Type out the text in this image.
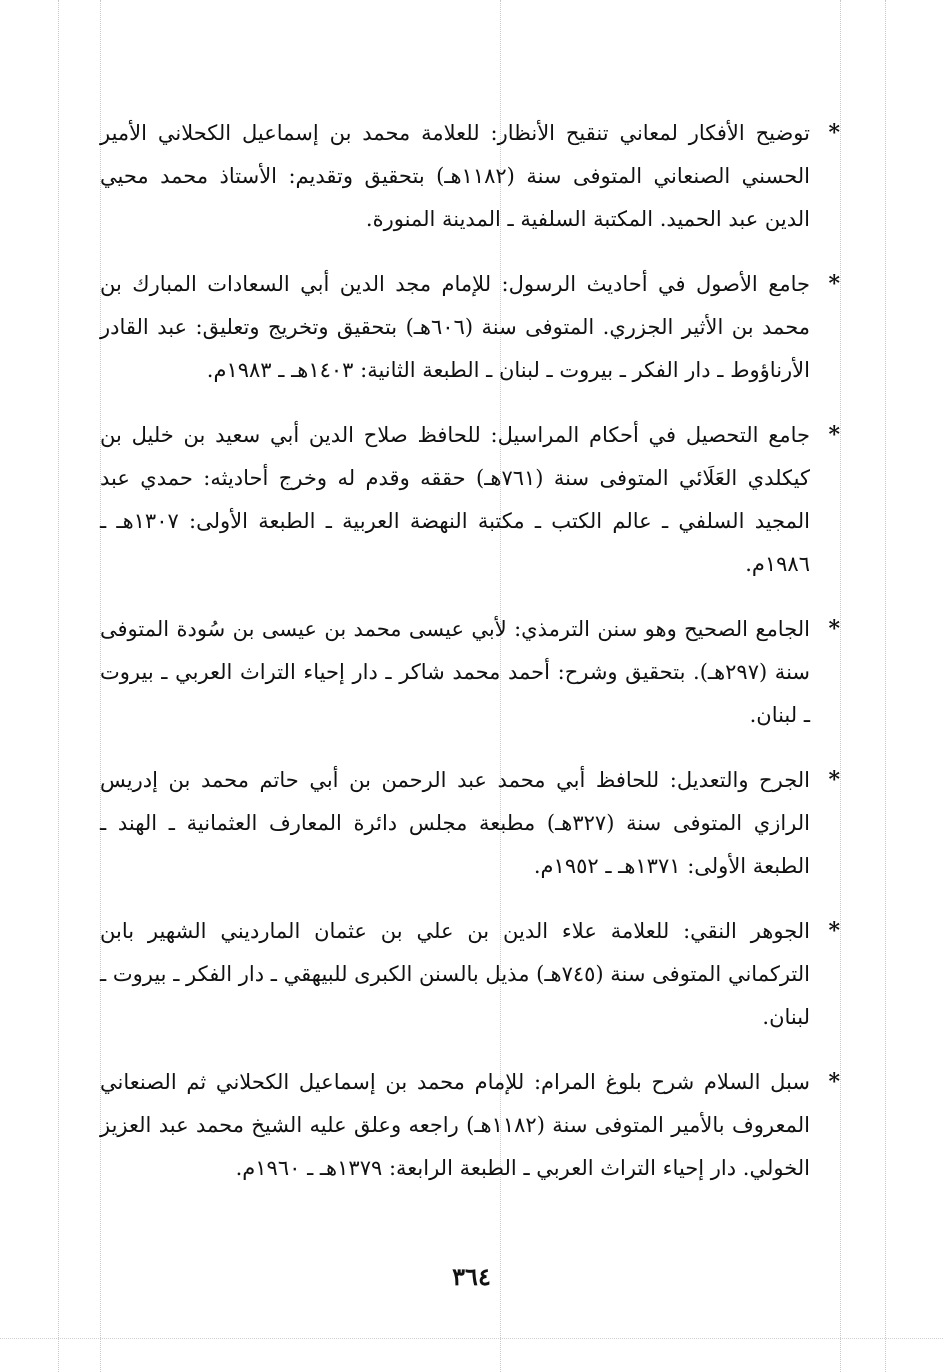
*
توضيح الأفكار لمعاني تنقيح الأنظار: للعلامة محمد بن إسماعيل الكحلاني الأمير الحسني الصنعاني المتوفى سنة (١١٨٢هـ) بتحقيق وتقديم: الأستاذ محمد محيي الدين عبد الحميد. المكتبة السلفية ـ المدينة المنورة.
*
جامع الأصول في أحاديث الرسول: للإمام مجد الدين أبي السعادات المبارك بن محمد بن الأثير الجزري. المتوفى سنة (٦٠٦هـ) بتحقيق وتخريج وتعليق: عبد القادر الأرناؤوط ـ دار الفكر ـ بيروت ـ لبنان ـ الطبعة الثانية: ١٤٠٣هـ ـ ١٩٨٣م.
*
جامع التحصيل في أحكام المراسيل: للحافظ صلاح الدين أبي سعيد بن خليل بن كيكلدي العَلَائي المتوفى سنة (٧٦١هـ) حققه وقدم له وخرج أحاديثه: حمدي عبد المجيد السلفي ـ عالم الكتب ـ مكتبة النهضة العربية ـ الطبعة الأولى: ١٣٠٧هـ ـ ١٩٨٦م.
*
الجامع الصحيح وهو سنن الترمذي: لأبي عيسى محمد بن عيسى بن سُودة المتوفى سنة (٢٩٧هـ). بتحقيق وشرح: أحمد محمد شاكر ـ دار إحياء التراث العربي ـ بيروت ـ لبنان.
*
الجرح والتعديل: للحافظ أبي محمد عبد الرحمن بن أبي حاتم محمد بن إدريس الرازي المتوفى سنة (٣٢٧هـ) مطبعة مجلس دائرة المعارف العثمانية ـ الهند ـ الطبعة الأولى: ١٣٧١هـ ـ ١٩٥٢م.
*
الجوهر النقي: للعلامة علاء الدين بن علي بن عثمان المارديني الشهير بابن التركماني المتوفى سنة (٧٤٥هـ) مذيل بالسنن الكبرى للبيهقي ـ دار الفكر ـ بيروت ـ لبنان.
*
سبل السلام شرح بلوغ المرام: للإمام محمد بن إسماعيل الكحلاني ثم الصنعاني المعروف بالأمير المتوفى سنة (١١٨٢هـ) راجعه وعلق عليه الشيخ محمد عبد العزيز الخولي. دار إحياء التراث العربي ـ الطبعة الرابعة: ١٣٧٩هـ ـ ١٩٦٠م.
٣٦٤
